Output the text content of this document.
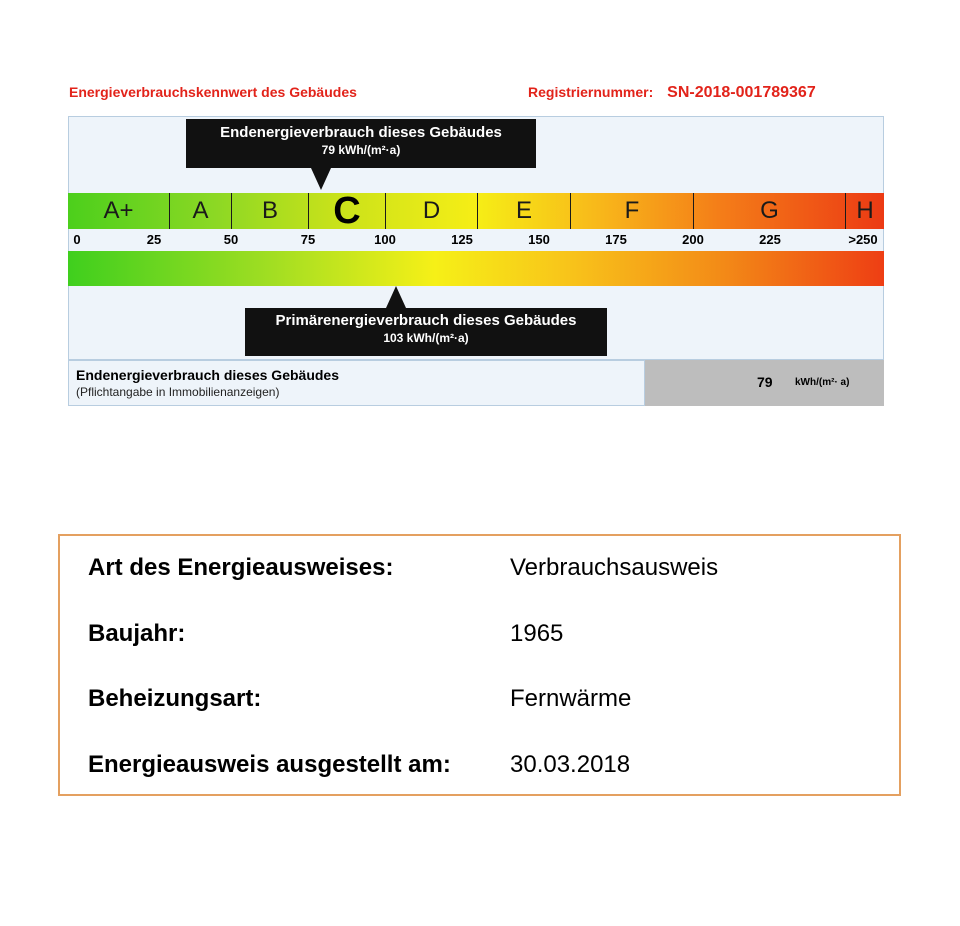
Energieverbrauchskennwert des Gebäudes	Registriernummer: SN-2018-001789367
A+	A	B	C	D	E	F	G	H
0	25	50	75	100	125	150	175	200	225	>250
Endenergieverbrauch dieses Gebäudes
79 kWh/(m²·a)
Primärenergieverbrauch dieses Gebäudes
103 kWh/(m²·a)
Endenergieverbrauch dieses Gebäudes
(Pflichtangabe in Immobilienanzeigen)
79 kWh/(m²· a)
Art des Energieausweises:	Verbrauchsausweis
Baujahr:	1965
Beheizungsart:	Fernwärme
Energieausweis ausgestellt am: 30.03.2018
